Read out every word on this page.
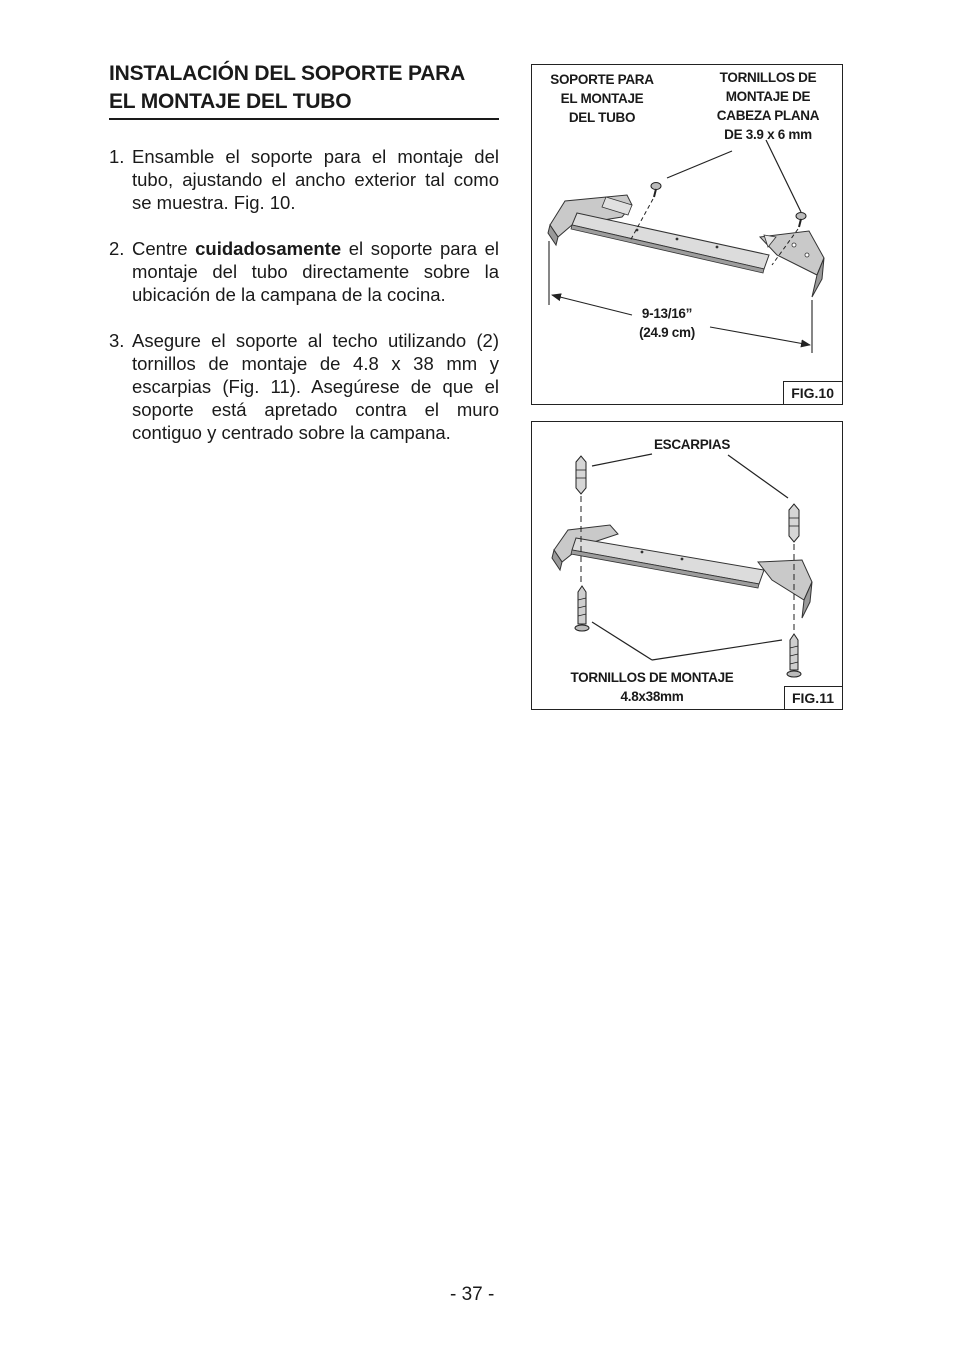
INSTALACIÓN DEL SOPORTE PARA
EL MONTAJE DEL TUBO
1. Ensamble el soporte para el montaje del tubo, ajustando el ancho exterior tal como se muestra. Fig. 10.
2. Centre cuidadosamente el soporte para el montaje del tubo directamente sobre la ubicación de la campana de la cocina.
3. Asegure el soporte al techo utilizando (2) tornillos de montaje de 4.8 x 38 mm y escarpias (Fig. 11). Asegúrese de que el soporte está apretado contra el muro contiguo y centrado sobre la campana.
SOPORTE PARA
EL MONTAJE
DEL TUBO
TORNILLOS DE
MONTAJE DE
CABEZA PLANA
DE 3.9 x 6 mm
9-13/16”
(24.9 cm)
FIG.10
ESCARPIAS
TORNILLOS DE MONTAJE
4.8x38mm	FIG.11
- 37 -
